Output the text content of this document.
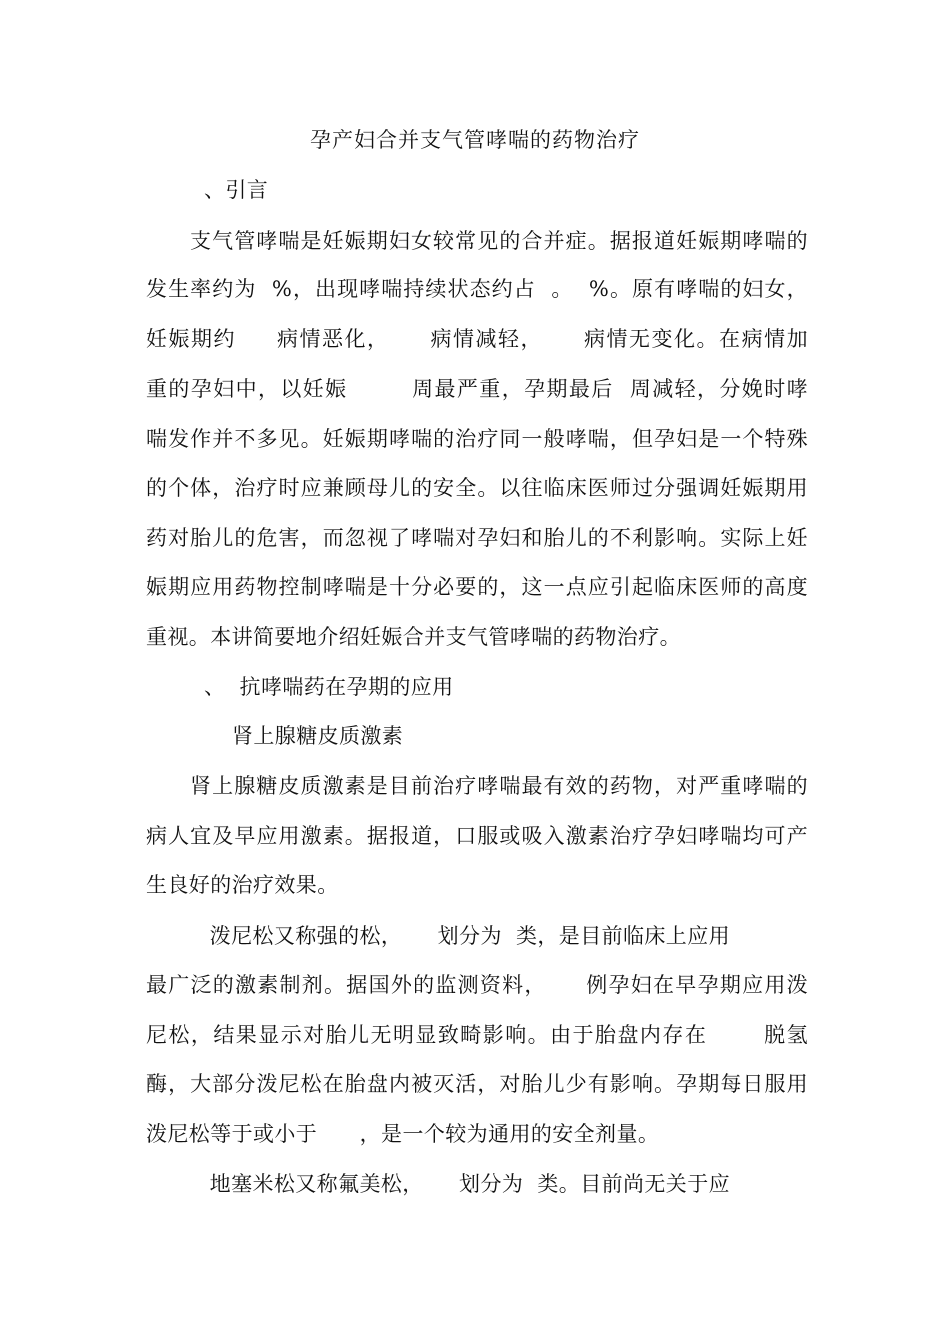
孕产妇合并支气管哮喘的药物治疗
、引言
支气管哮喘是妊娠期妇女较常见的合并症。据报道妊娠期哮喘的
发生率约为  %，出现哮喘持续状态约占  。  %。原有哮喘的妇女，
妊娠期约     病情恶化，     病情减轻，     病情无变化。在病情加
重的孕妇中，以妊娠        周最严重，孕期最后  周减轻，分娩时哮
喘发作并不多见。妊娠期哮喘的治疗同一般哮喘，但孕妇是一个特殊
的个体，治疗时应兼顾母儿的安全。以往临床医师过分强调妊娠期用
药对胎儿的危害，而忽视了哮喘对孕妇和胎儿的不利影响。实际上妊
娠期应用药物控制哮喘是十分必要的，这一点应引起临床医师的高度
重视。本讲简要地介绍妊娠合并支气管哮喘的药物治疗。
、  抗哮喘药在孕期的应用
肾上腺糖皮质激素
肾上腺糖皮质激素是目前治疗哮喘最有效的药物，对严重哮喘的
病人宜及早应用激素。据报道，口服或吸入激素治疗孕妇哮喘均可产
生良好的治疗效果。
泼尼松又称强的松，     划分为  类，是目前临床上应用
最广泛的激素制剂。据国外的监测资料，     例孕妇在早孕期应用泼
尼松，结果显示对胎儿无明显致畸影响。由于胎盘内存在       脱氢
酶，大部分泼尼松在胎盘内被灭活，对胎儿少有影响。孕期每日服用
泼尼松等于或小于      ，是一个较为通用的安全剂量。
地塞米松又称氟美松，     划分为  类。目前尚无关于应
